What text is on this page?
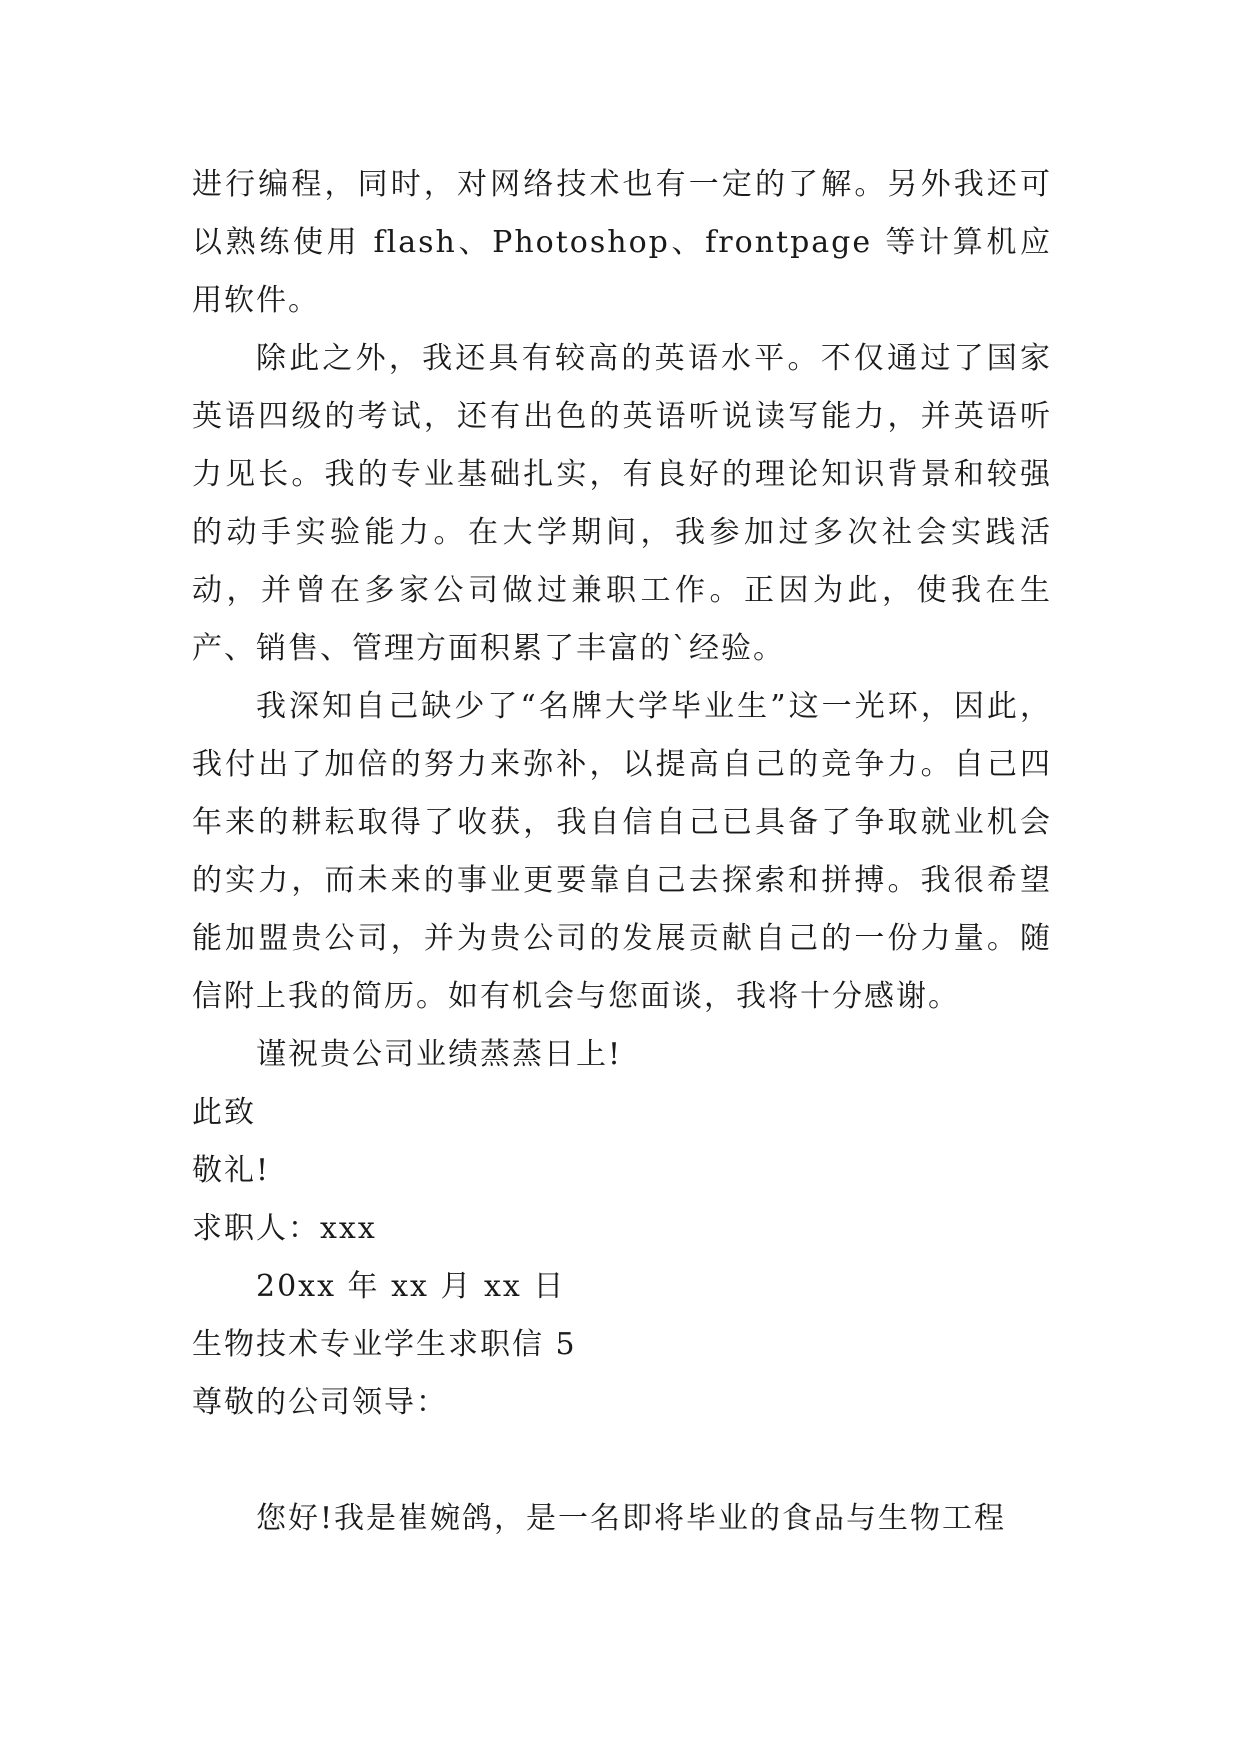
进行编程，同时，对网络技术也有一定的了解。另外我还可以熟练使用 flash、Photoshop、frontpage 等计算机应用软件。

除此之外，我还具有较高的英语水平。不仅通过了国家英语四级的考试，还有出色的英语听说读写能力，并英语听力见长。我的专业基础扎实，有良好的理论知识背景和较强的动手实验能力。在大学期间，我参加过多次社会实践活动，并曾在多家公司做过兼职工作。正因为此，使我在生产、销售、管理方面积累了丰富的`经验。

我深知自己缺少了“名牌大学毕业生”这一光环，因此，我付出了加倍的努力来弥补，以提高自己的竞争力。自己四年来的耕耘取得了收获，我自信自己已具备了争取就业机会的实力，而未来的事业更要靠自己去探索和拼搏。我很希望能加盟贵公司，并为贵公司的发展贡献自己的一份力量。随信附上我的简历。如有机会与您面谈，我将十分感谢。

谨祝贵公司业绩蒸蒸日上!

此致

敬礼!

求职人：xxx

20xx 年 xx 月 xx 日

生物技术专业学生求职信 5

尊敬的公司领导：

您好!我是崔婉鸽，是一名即将毕业的食品与生物工程
